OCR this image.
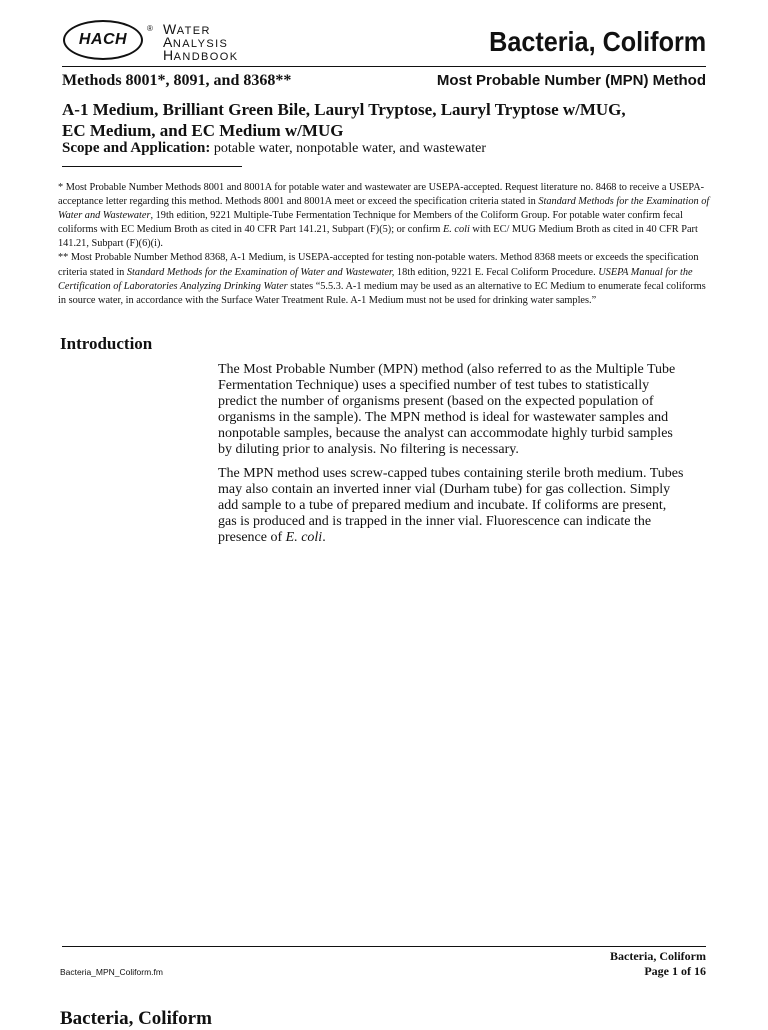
HACH
® WATER
ANALYSIS
HANDBOOK	Bacteria, Coliform
Methods 8001*, 8091, and 8368**	Most Probable Number (MPN) Method
A-1 Medium, Brilliant Green Bile, Lauryl Tryptose, Lauryl Tryptose w/MUG,
EC Medium, and EC Medium w/MUG
Scope and Application: potable water, nonpotable water, and wastewater

* Most Probable Number Methods 8001 and 8001A for potable water and wastewater are USEPA-accepted. Request literature no. 8468 to receive a USEPA-acceptance letter regarding this method. Methods 8001 and 8001A meet or exceed the specification criteria stated in Standard Methods for the Examination of Water and Wastewater, 19th edition, 9221 Multiple-Tube Fermentation Technique for Members of the Coliform Group. For potable water confirm fecal coliforms with EC Medium Broth as cited in 40 CFR Part 141.21, Subpart (F)(5); or confirm E. coli with EC/ MUG Medium Broth as cited in 40 CFR Part 141.21, Subpart (F)(6)(i).

** Most Probable Number Method 8368, A-1 Medium, is USEPA-accepted for testing non-potable waters. Method 8368 meets or exceeds the specification criteria stated in Standard Methods for the Examination of Water and Wastewater, 18th edition, 9221 E. Fecal Coliform Procedure. USEPA Manual for the Certification of Laboratories Analyzing Drinking Water states “5.5.3. A-1 medium may be used as an alternative to EC Medium to enumerate fecal coliforms in source water, in accordance with the Surface Water Treatment Rule. A-1 Medium must not be used for drinking water samples.”

Introduction

The Most Probable Number (MPN) method (also referred to as the Multiple Tube Fermentation Technique) uses a specified number of test tubes to statistically predict the number of organisms present (based on the expected population of organisms in the sample). The MPN method is ideal for wastewater samples and nonpotable samples, because the analyst can accommodate highly turbid samples by diluting prior to analysis. No filtering is necessary.

The MPN method uses screw-capped tubes containing sterile broth medium. Tubes may also contain an inverted inner vial (Durham tube) for gas collection. Simply add sample to a tube of prepared medium and incubate. If coliforms are present, gas is produced and is trapped in the inner vial. Fluorescence can indicate the presence of E. coli.

Bacteria, Coliform
Bacteria_MPN_Coliform.fm	Page 1 of 16
Bacteria, Coliform
